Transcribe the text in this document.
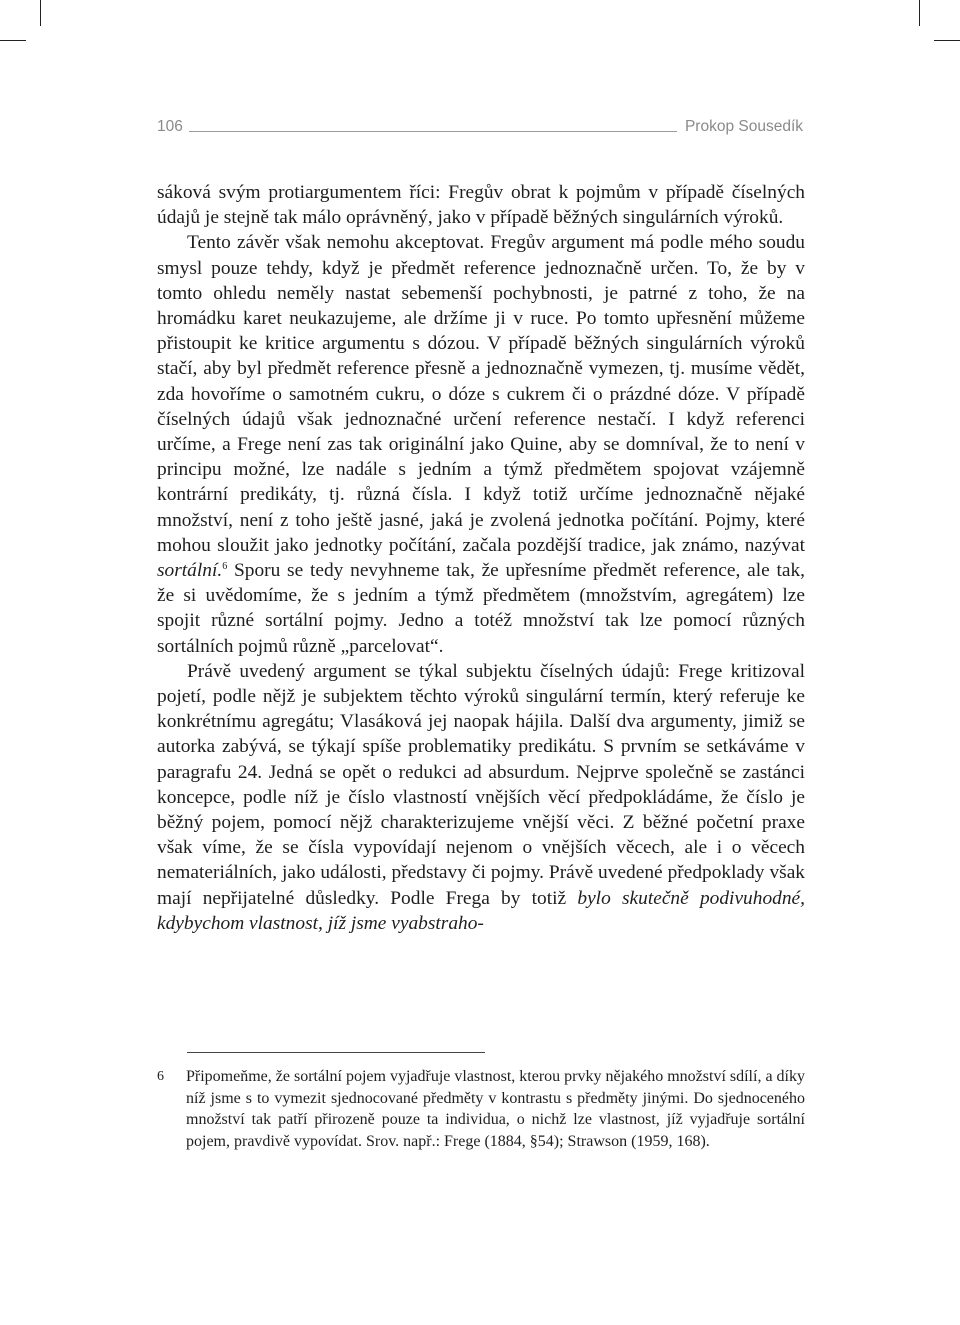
106	Prokop Sousedík

sáková svým protiargumentem říci: Fregův obrat k pojmům v případě číselných údajů je stejně tak málo oprávněný, jako v případě běžných singulárních výroků.

Tento závěr však nemohu akceptovat. Fregův argument má podle mého soudu smysl pouze tehdy, když je předmět reference jednoznačně určen. To, že by v tomto ohledu neměly nastat sebemenší pochybnosti, je patrné z toho, že na hromádku karet neukazujeme, ale držíme ji v ruce. Po tomto upřesnění můžeme přistoupit ke kritice argumentu s dózou. V případě běžných singulárních výroků stačí, aby byl předmět reference přesně a jednoznačně vymezen, tj. musíme vědět, zda hovoříme o samotném cukru, o dóze s cukrem či o prázdné dóze. V případě číselných údajů však jednoznačné určení reference nestačí. I když referenci určíme, a Frege není zas tak originální jako Quine, aby se domníval, že to není v principu možné, lze nadále s jedním a týmž předmětem spojovat vzájemně kontrární predikáty, tj. různá čísla. I když totiž určíme jednoznačně nějaké množství, není z toho ještě jasné, jaká je zvolená jednotka počítání. Pojmy, které mohou sloužit jako jednotky počítání, začala pozdější tradice, jak známo, nazývat sortální.$^6$ Sporu se tedy nevyhneme tak, že upřesníme předmět reference, ale tak, že si uvědomíme, že s jedním a týmž předmětem (množstvím, agregátem) lze spojit různé sortální pojmy. Jedno a totéž množství tak lze pomocí různých sortálních pojmů různě „parcelovat“.

Právě uvedený argument se týkal subjektu číselných údajů: Frege kritizoval pojetí, podle nějž je subjektem těchto výroků singulární termín, který referuje ke konkrétnímu agregátu; Vlasáková jej naopak hájila. Další dva argumenty, jimiž se autorka zabývá, se týkají spíše problematiky predikátu. S prvním se setkáváme v paragrafu 24. Jedná se opět o redukci ad absurdum. Nejprve společně se zastánci koncepce, podle níž je číslo vlastností vnějších věcí předpokládáme, že číslo je běžný pojem, pomocí nějž charakterizujeme vnější věci. Z běžné početní praxe však víme, že se čísla vypovídají nejenom o vnějších věcech, ale i o věcech nemateriálních, jako události, představy či pojmy. Právě uvedené předpoklady však mají nepřijatelné důsledky. Podle Frega by totiž bylo skutečně podivuhodné, kdybychom vlastnost, jíž jsme vyabstraho-

6 Připomeňme, že sortální pojem vyjadřuje vlastnost, kterou prvky nějakého množství sdílí, a díky níž jsme s to vymezit sjednocované předměty v kontrastu s předměty jinými. Do sjednoceného množství tak patří přirozeně pouze ta individua, o nichž lze vlastnost, jíž vyjadřuje sortální pojem, pravdivě vypovídat. Srov. např.: Frege (1884, §54); Strawson (1959, 168).
